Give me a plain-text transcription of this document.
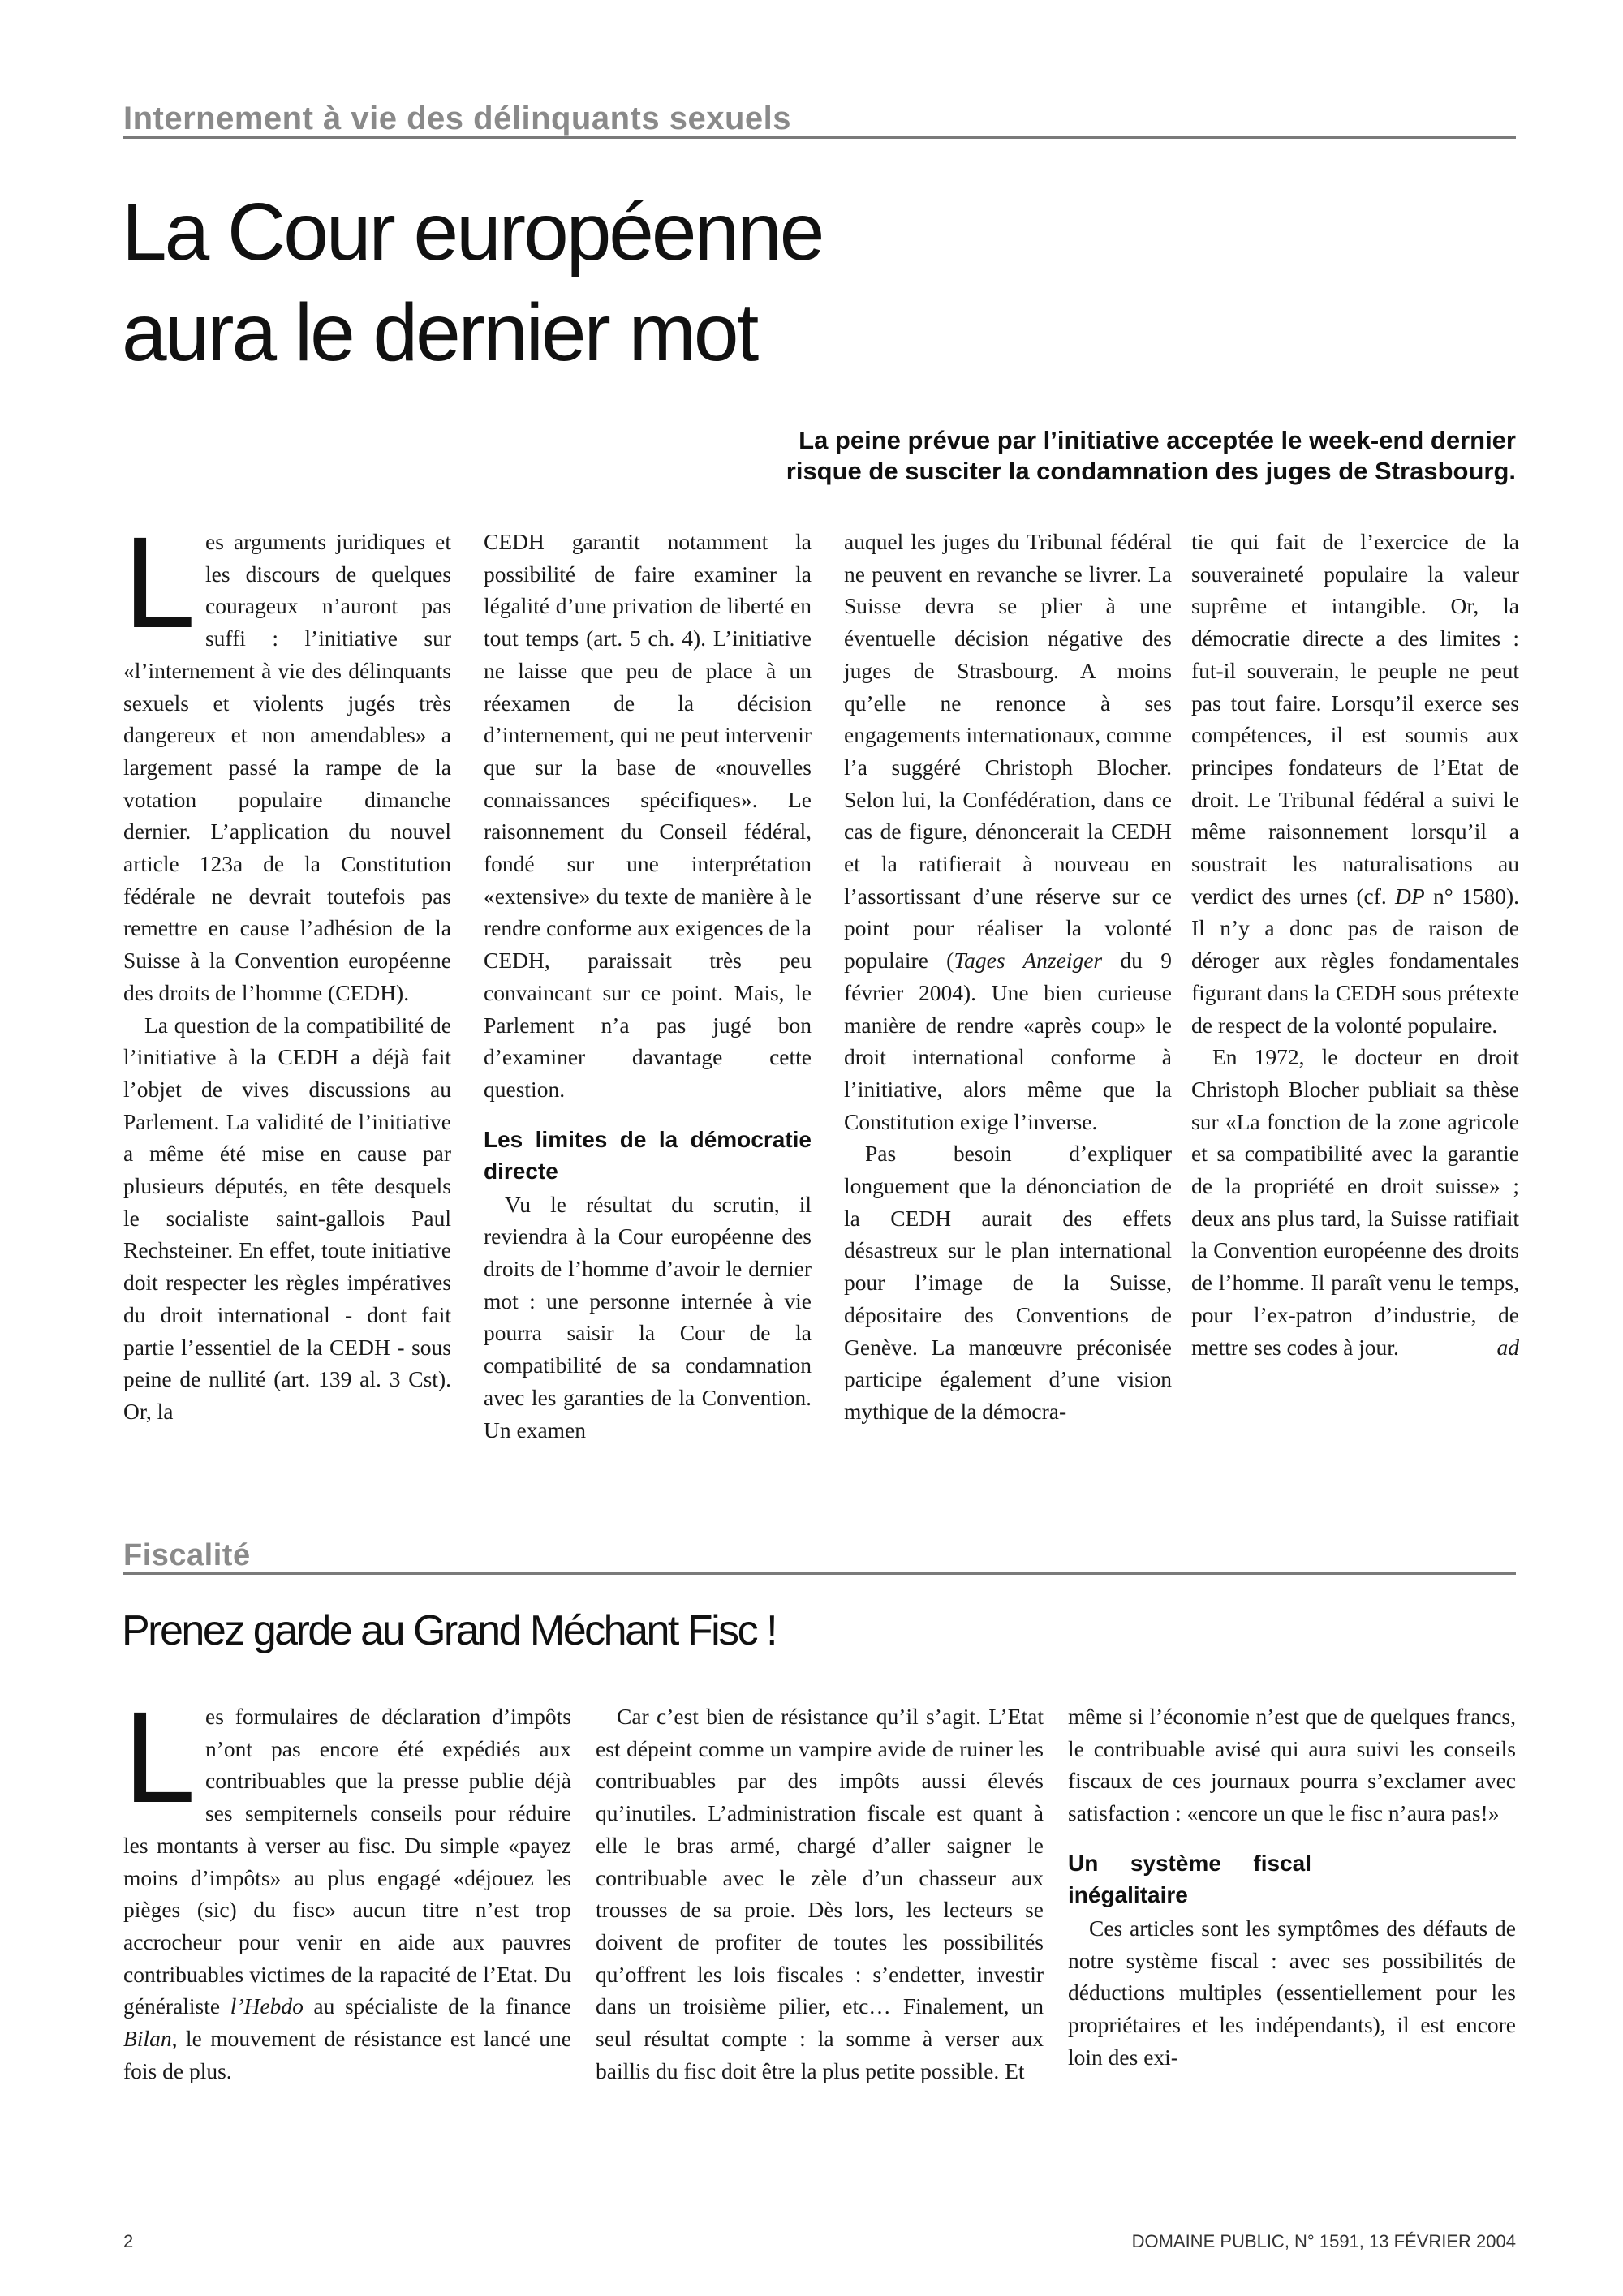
Internement à vie des délinquants sexuels
La Cour européenne
aura le dernier mot
La peine prévue par l’initiative acceptée le week-end dernier
risque de susciter la condamnation des juges de Strasbourg.

Les arguments juridiques et les discours de quelques courageux n’auront pas suffi : l’initiative sur «l’internement à vie des délinquants sexuels et violents jugés très dangereux et non amendables» a largement passé la rampe de la votation populaire dimanche dernier. L’application du nouvel article 123a de la Constitution fédérale ne devrait toutefois pas remettre en cause l’adhésion de la Suisse à la Convention européenne des droits de l’homme (CEDH).

La question de la compatibilité de l’initiative à la CEDH a déjà fait l’objet de vives discussions au Parlement. La validité de l’initiative a même été mise en cause par plusieurs députés, en tête desquels le socialiste saint-gallois Paul Rechsteiner. En effet, toute initiative doit respecter les règles impératives du droit international - dont fait partie l’essentiel de la CEDH - sous peine de nullité (art. 139 al. 3 Cst). Or, la

CEDH garantit notamment la possibilité de faire examiner la légalité d’une privation de liberté en tout temps (art. 5 ch. 4). L’initiative ne laisse que peu de place à un réexamen de la décision d’internement, qui ne peut intervenir que sur la base de «nouvelles connaissances spécifiques». Le raisonnement du Conseil fédéral, fondé sur une interprétation «extensive» du texte de manière à le rendre conforme aux exigences de la CEDH, paraissait très peu convaincant sur ce point. Mais, le Parlement n’a pas jugé bon d’examiner davantage cette question.

Les limites de la démocratie directe

Vu le résultat du scrutin, il reviendra à la Cour européenne des droits de l’homme d’avoir le dernier mot : une personne internée à vie pourra saisir la Cour de la compatibilité de sa condamnation avec les garanties de la Convention. Un examen

auquel les juges du Tribunal fédéral ne peuvent en revanche se livrer. La Suisse devra se plier à une éventuelle décision négative des juges de Strasbourg. A moins qu’elle ne renonce à ses engagements internationaux, comme l’a suggéré Christoph Blocher. Selon lui, la Confédération, dans ce cas de figure, dénoncerait la CEDH et la ratifierait à nouveau en l’assortissant d’une réserve sur ce point pour réaliser la volonté populaire (Tages Anzeiger du 9 février 2004). Une bien curieuse manière de rendre «après coup» le droit international conforme à l’initiative, alors même que la Constitution exige l’inverse.

Pas besoin d’expliquer longuement que la dénonciation de la CEDH aurait des effets désastreux sur le plan international pour l’image de la Suisse, dépositaire des Conventions de Genève. La manœuvre préconisée participe également d’une vision mythique de la démocra-

tie qui fait de l’exercice de la souveraineté populaire la valeur suprême et intangible. Or, la démocratie directe a des limites : fut-il souverain, le peuple ne peut pas tout faire. Lorsqu’il exerce ses compétences, il est soumis aux principes fondateurs de l’Etat de droit. Le Tribunal fédéral a suivi le même raisonnement lorsqu’il a soustrait les naturalisations au verdict des urnes (cf. DP n° 1580). Il n’y a donc pas de raison de déroger aux règles fondamentales figurant dans la CEDH sous prétexte de respect de la volonté populaire.

En 1972, le docteur en droit Christoph Blocher publiait sa thèse sur «La fonction de la zone agricole et sa compatibilité avec la garantie de la propriété en droit suisse» ; deux ans plus tard, la Suisse ratifiait la Convention européenne des droits de l’homme. Il paraît venu le temps, pour l’ex-patron d’industrie, de mettre ses codes à jour.	ad

Fiscalité
Prenez garde au Grand Méchant Fisc !

Les formulaires de déclaration d’impôts n’ont pas encore été expédiés aux contribuables que la presse publie déjà ses sempiternels conseils pour réduire les montants à verser au fisc. Du simple «payez moins d’impôts» au plus engagé «déjouez les pièges (sic) du fisc» aucun titre n’est trop accrocheur pour venir en aide aux pauvres contribuables victimes de la rapacité de l’Etat. Du généraliste l’Hebdo au spécialiste de la finance Bilan, le mouvement de résistance est lancé une fois de plus.

Car c’est bien de résistance qu’il s’agit. L’Etat est dépeint comme un vampire avide de ruiner les contribuables par des impôts aussi élevés qu’inutiles. L’administration fiscale est quant à elle le bras armé, chargé d’aller saigner le contribuable avec le zèle d’un chasseur aux trousses de sa proie. Dès lors, les lecteurs se doivent de profiter de toutes les possibilités qu’offrent les lois fiscales : s’endetter, investir dans un troisième pilier, etc… Finalement, un seul résultat compte : la somme à verser aux baillis du fisc doit être la plus petite possible. Et

même si l’économie n’est que de quelques francs, le contribuable avisé qui aura suivi les conseils fiscaux de ces journaux pourra s’exclamer avec satisfaction : «encore un que le fisc n’aura pas!»

Un système fiscal inégalitaire

Ces articles sont les symptômes des défauts de notre système fiscal : avec ses possibilités de déductions multiples (essentiellement pour les propriétaires et les indépendants), il est encore loin des exi-

2	DOMAINE PUBLIC, N° 1591, 13 FÉVRIER 2004
